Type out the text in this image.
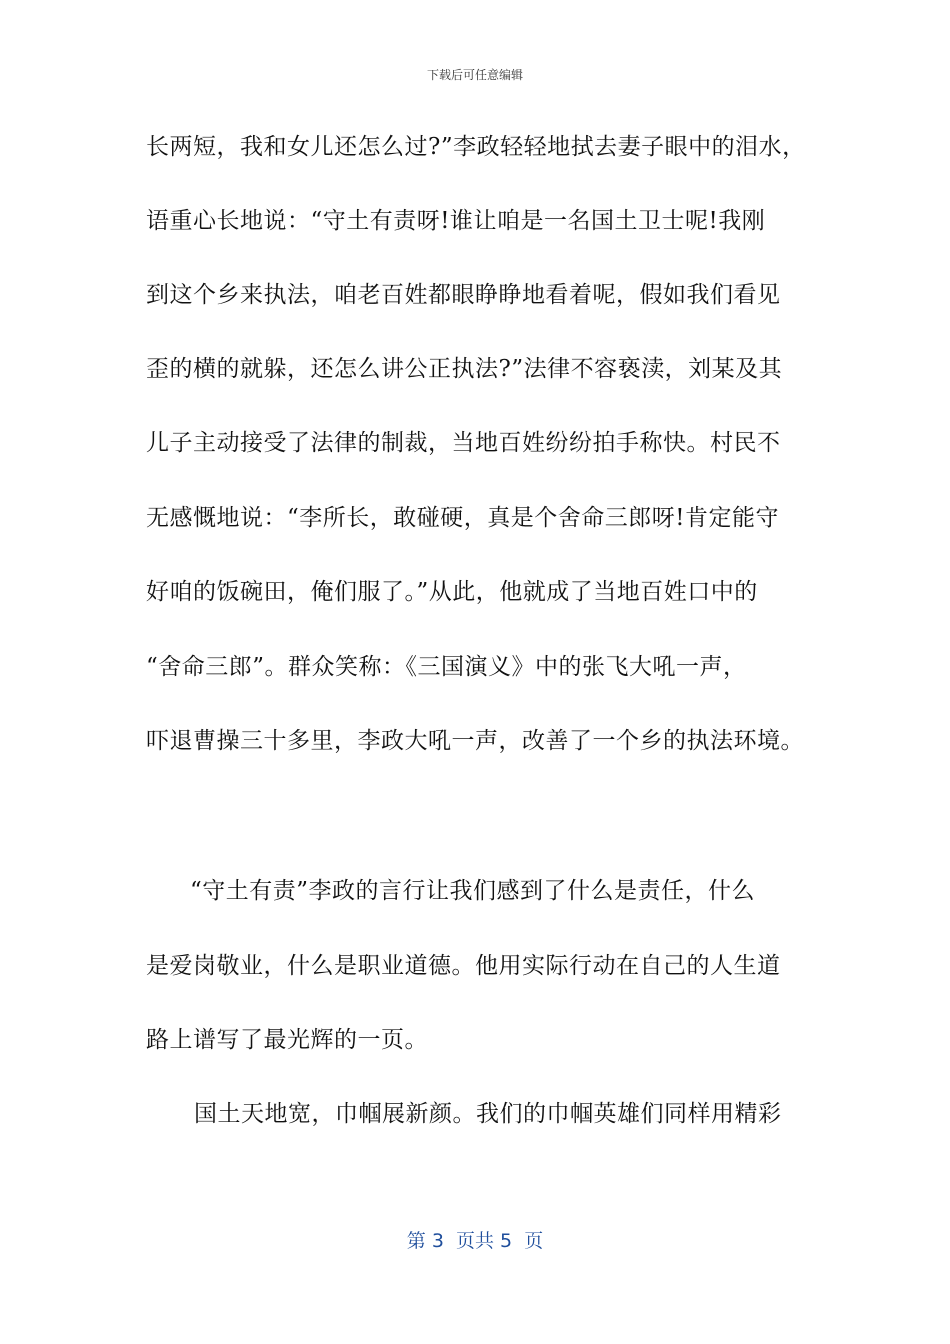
下载后可任意编辑
长两短，我和女儿还怎么过?”李政轻轻地拭去妻子眼中的泪水，
语重心长地说：“守土有责呀!谁让咱是一名国土卫士呢!我刚
到这个乡来执法，咱老百姓都眼睁睁地看着呢，假如我们看见
歪的横的就躲，还怎么讲公正执法?”法律不容亵渎，刘某及其
儿子主动接受了法律的制裁，当地百姓纷纷拍手称快。村民不
无感慨地说：“李所长，敢碰硬，真是个舍命三郎呀!肯定能守
好咱的饭碗田，俺们服了。”从此，他就成了当地百姓口中的
“舍命三郎”。群众笑称：《三国演义》中的张飞大吼一声，
吓退曹操三十多里，李政大吼一声，改善了一个乡的执法环境。
“守土有责”李政的言行让我们感到了什么是责任，什么
是爱岗敬业，什么是职业道德。他用实际行动在自己的人生道
路上谱写了最光辉的一页。
国土天地宽，巾帼展新颜。我们的巾帼英雄们同样用精彩
第 3  页共 5  页
